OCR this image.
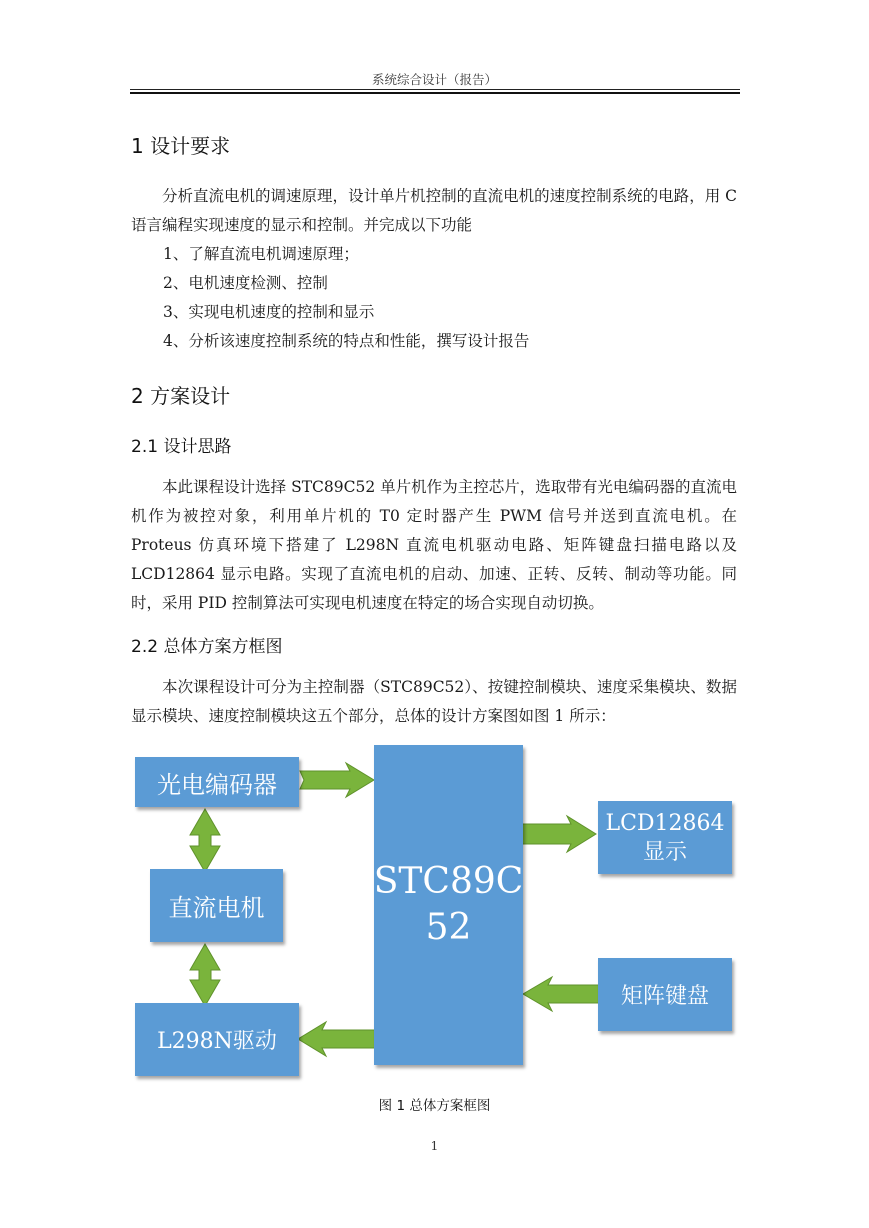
系统综合设计（报告）
1 设计要求
分析直流电机的调速原理，设计单片机控制的直流电机的速度控制系统的电路，用 C 语言编程实现速度的显示和控制。并完成以下功能
1、了解直流电机调速原理；
2、电机速度检测、控制
3、实现电机速度的控制和显示
4、分析该速度控制系统的特点和性能，撰写设计报告
2 方案设计
2.1 设计思路
本此课程设计选择 STC89C52 单片机作为主控芯片，选取带有光电编码器的直流电机作为被控对象，利用单片机的 T0 定时器产生 PWM 信号并送到直流电机。在 Proteus 仿真环境下搭建了 L298N 直流电机驱动电路、矩阵键盘扫描电路以及 LCD12864 显示电路。实现了直流电机的启动、加速、正转、反转、制动等功能。同时，采用 PID 控制算法可实现电机速度在特定的场合实现自动切换。
2.2 总体方案方框图
本次课程设计可分为主控制器（STC89C52）、按键控制模块、速度采集模块、数据显示模块、速度控制模块这五个部分，总体的设计方案图如图 1 所示：
光电编码器
直流电机
L298N驱动
STC89C
52
LCD12864
显示
矩阵键盘
图 1 总体方案框图
1
